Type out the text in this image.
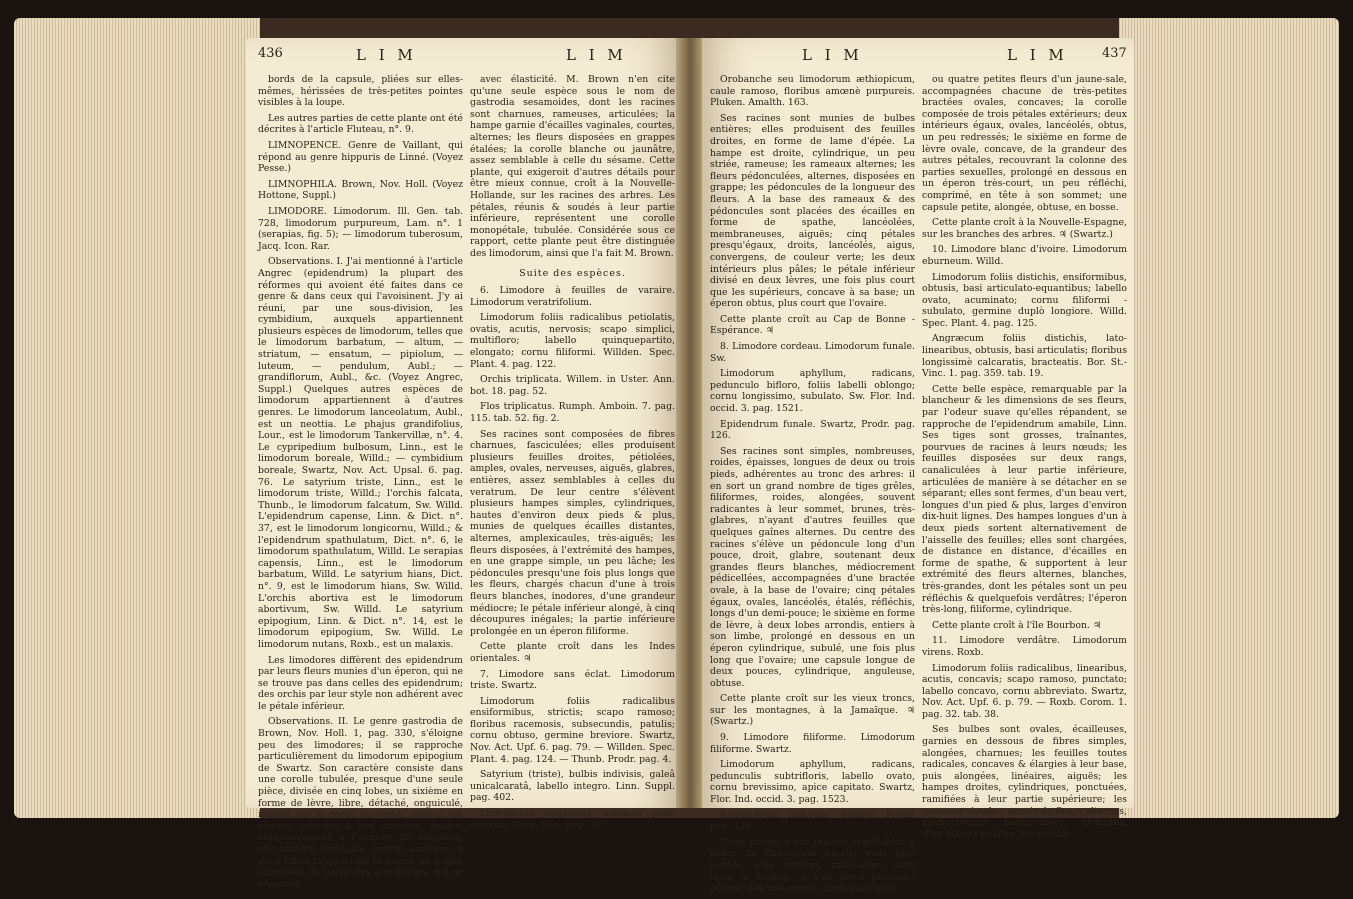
436	L I M	L I M

bords de la capsule, pliées sur elles-mêmes, hérissées de très-petites pointes visibles à la loupe.

Les autres parties de cette plante ont été décrites à l'article Fluteau, n°. 9.

LIMNOPENCE. Genre de Vaillant, qui répond au genre hippuris de Linné. (Voyez Pesse.)

LIMNOPHILA. Brown, Nov. Holl. (Voyez Hottone, Suppl.)

LIMODORE. Limodorum. Ill. Gen. tab. 728, limodorum purpureum, Lam. n°. 1 (serapias, fig. 5); — limodorum tuberosum, Jacq. Icon. Rar.

Observations. I. J'ai mentionné à l'article Angrec (epidendrum) la plupart des réformes qui avoient été faites dans ce genre & dans ceux qui l'avoisinent. J'y ai réuni, par une sous-division, les cymbidium, auxquels appartiennent plusieurs espèces de limodorum, telles que le limodorum barbatum, — altum, — striatum, — ensatum, — pipiolum, — luteum, — pendulum, Aubl.; — grandiflorum, Aubl., &c. (Voyez Angrec, Suppl.) Quelques autres espèces de limodorum appartiennent à d'autres genres. Le limodorum lanceolatum, Aubl., est un neottia. Le phajus grandifolius, Lour., est le limodorum Tankervillæ, n°. 4. Le cypripedium bulbosum, Linn., est le limodorum boreale, Willd.; — cymbidium boreale, Swartz, Nov. Act. Upsal. 6. pag. 76. Le satyrium triste, Linn., est le limodorum triste, Willd.; l'orchis falcata, Thunb., le limodorum falcatum, Sw. Willd. L'epidendrum capense, Linn. & Dict. n°. 37, est le limodorum longicornu, Willd.; & l'epidendrum spathulatum, Dict. n°. 6, le limodorum spathulatum, Willd. Le serapias capensis, Linn., est le limodorum barbatum, Willd. Le satyrium hians, Dict. n°. 9, est le limodorum hians, Sw. Willd. L'orchis abortiva est le limodorum abortivum, Sw. Willd. Le satyrium epipogium, Linn. & Dict. n°. 14, est le limodorum epipogium, Sw. Willd. Le limodorum nutans, Roxb., est un malaxis.

Les limodores diffèrent des epidendrum par leurs fleurs munies d'un éperon, qui ne se trouve pas dans celles des epidendrum; des orchis par leur style non adhérent avec le pétale inférieur.

Observations. II. Le genre gastrodia de Brown, Nov. Holl. 1, pag. 330, s'éloigne peu des limodores; il se rapproche particulièrement du limodorum epipogium de Swartz. Son caractère consiste dans une corolle tubulée, presque d'une seule pièce, divisée en cinq lobes, un sixième en forme de lèvre, libre, détaché, onguiculé, incliné sur le corps du pistil; celui-ci est alongé, concave à son sommet, épaissi antérieurement à l'endroit du stigmate; une anthère terminale, mobile, caduque, à deux lobes rapprochés; la masse du pollen composée de particules anguleuses, qui se séparent

avec élasticité. M. Brown n'en cite qu'une seule espèce sous le nom de gastrodia sesamoides, dont les racines sont charnues, rameuses, articulées; la hampe garnie d'écailles vaginales, courtes, alternes; les fleurs disposées en grappes étalées; la corolle blanche ou jaunâtre, assez semblable à celle du sésame. Cette plante, qui exigeroit d'autres détails pour être mieux connue, croît à la Nouvelle-Hollande, sur les racines des arbres. Les pétales, réunis & soudés à leur partie inférieure, représentent une corolle monopétale, tubulée. Considérée sous ce rapport, cette plante peut être distinguée des limodorum, ainsi que l'a fait M. Brown.

Suite des espèces.

6. Limodore à feuilles de varaire. Limodorum veratrifolium.

Limodorum foliis radicalibus petiolatis, ovatis, acutis, nervosis; scapo simplici, multifloro; labello quinquepartito, elongato; cornu filiformi. Willden. Spec. Plant. 4. pag. 122.

Orchis triplicata. Willem. in Uster. Ann. bot. 18. pag. 52.

Flos triplicatus. Rumph. Amboin. 7. pag. 115. tab. 52. fig. 2.

Ses racines sont composées de fibres charnues, fasciculées; elles produisent plusieurs feuilles droites, pétiolées, amples, ovales, nerveuses, aiguës, glabres, entières, assez semblables à celles du veratrum. De leur centre s'élèvent plusieurs hampes simples, cylindriques, hautes d'environ deux pieds & plus, munies de quelques écailles distantes, alternes, amplexicaules, très-aiguës; les fleurs disposées, à l'extrémité des hampes, en une grappe simple, un peu lâche; les pédoncules presqu'une fois plus longs que les fleurs, chargés chacun d'une à trois fleurs blanches, inodores, d'une grandeur médiocre; le pétale inférieur alongé, à cinq découpures inégales; la partie inférieure prolongée en un éperon filiforme.

Cette plante croît dans les Indes orientales. ♃

7. Limodore sans éclat. Limodorum triste. Swartz.

Limodorum foliis radicalibus ensiformibus, strictis; scapo ramoso; floribus racemosis, subsecundis, patulis; cornu obtuso, germine breviore. Swartz, Nov. Act. Upf. 6. pag. 79. — Willden. Spec. Plant. 4. pag. 124. — Thunb. Prodr. pag. 4.

Satyrium (triste), bulbis indivisis, galeâ unicalcaratâ, labello integro. Linn. Suppl. pag. 402.

Limodorum (capense), nectario ponè cornuto. Berg. Cap. pag. 347.

L I M	L I M	437

Orobanche seu limodorum æthiopicum, caule ramoso, floribus amœnè purpureis. Pluken. Amalth. 163.

Ses racines sont munies de bulbes entières; elles produisent des feuilles droites, en forme de lame d'épée. La hampe est droite, cylindrique, un peu striée, rameuse; les rameaux alternes; les fleurs pédonculées, alternes, disposées en grappe; les pédoncules de la longueur des fleurs. A la base des rameaux & des pédoncules sont placées des écailles en forme de spathe, lancéolées, membraneuses, aiguës; cinq pétales presqu'égaux, droits, lancéolés, aigus, convergens, de couleur verte; les deux intérieurs plus pâles; le pétale inférieur divisé en deux lèvres, une fois plus court que les supérieurs, concave à sa base; un éperon obtus, plus court que l'ovaire.

Cette plante croît au Cap de Bonne - Espérance. ♃

8. Limodore cordeau. Limodorum funale. Sw.

Limodorum aphyllum, radicans, pedunculo bifloro, foliis labelli oblongo; cornu longissimo, subulato. Sw. Flor. Ind. occid. 3. pag. 1521.

Epidendrum funale. Swartz, Prodr. pag. 126.

Ses racines sont simples, nombreuses, roides, épaisses, longues de deux ou trois pieds, adhérentes au tronc des arbres: il en sort un grand nombre de tiges grêles, filiformes, roides, alongées, souvent radicantes à leur sommet, brunes, très-glabres, n'ayant d'autres feuilles que quelques gaînes alternes. Du centre des racines s'élève un pédoncule long d'un pouce, droit, glabre, soutenant deux grandes fleurs blanches, médiocrement pédicellées, accompagnées d'une bractée ovale, à la base de l'ovaire; cinq pétales égaux, ovales, lancéolés, étalés, réfléchis, longs d'un demi-pouce; le sixième en forme de lèvre, à deux lobes arrondis, entiers à son limbe, prolongé en dessous en un éperon cylindrique, subulé, une fois plus long que l'ovaire; une capsule longue de deux pouces, cylindrique, anguleuse, obtuse.

Cette plante croît sur les vieux troncs, sur les montagnes, à la Jamaïque. ♃ (Swartz.)

9. Limodore filiforme. Limodorum filiforme. Swartz.

Limodorum aphyllum, radicans, pedunculis subtrifloris, labello ovato, cornu brevissimo, apice capitato. Swartz, Flor. Ind. occid. 3. pag. 1523.

Epidendrum filiforme. Swartz, Prodr. pag. 126.

Cette plante a ses racines semblables à celles du limodorum funale, mais plus petites, plus étroites, rampantes, sans tiges ni feuilles: il s'en élève plusieurs pédoncules très-courts, soutenant trois

ou quatre petites fleurs d'un jaune-sale, accompagnées chacune de très-petites bractées ovales, concaves; la corolle composée de trois pétales extérieurs; deux intérieurs égaux, ovales, lancéolés, obtus, un peu redressés; le sixième en forme de lèvre ovale, concave, de la grandeur des autres pétales, recouvrant la colonne des parties sexuelles, prolongé en dessous en un éperon très-court, un peu réfléchi, comprimé, en tête à son sommet; une capsule petite, alongée, obtuse, en bosse.

Cette plante croît à la Nouvelle-Espagne, sur les branches des arbres. ♃ (Swartz.)

10. Limodore blanc d'ivoire. Limodorum eburneum. Willd.

Limodorum foliis distichis, ensiformibus, obtusis, basi articulato-equantibus; labello ovato, acuminato; cornu filiformi - subulato, germine duplò longiore. Willd. Spec. Plant. 4. pag. 125.

Angræcum foliis distichis, lato-linearibus, obtusis, basi articulatis; floribus longissimè calcaratis, bracteatis. Bor. St.-Vinc. 1. pag. 359. tab. 19.

Cette belle espèce, remarquable par la blancheur & les dimensions de ses fleurs, par l'odeur suave qu'elles répandent, se rapproche de l'epidendrum amabile, Linn. Ses tiges sont grosses, traînantes, pourvues de racines à leurs nœuds; les feuilles disposées sur deux rangs, canaliculées à leur partie inférieure, articulées de manière à se détacher en se séparant; elles sont fermes, d'un beau vert, longues d'un pied & plus, larges d'environ dix-huit lignes. Des hampes longues d'un à deux pieds sortent alternativement de l'aisselle des feuilles; elles sont chargées, de distance en distance, d'écailles en forme de spathe, & supportent à leur extrémité des fleurs alternes, blanches, très-grandes, dont les pétales sont un peu réfléchis & quelquefois verdâtres; l'éperon très-long, filiforme, cylindrique.

Cette plante croît à l'île Bourbon. ♃

11. Limodore verdâtre. Limodorum virens. Roxb.

Limodorum foliis radicalibus, linearibus, acutis, concavis; scapo ramoso, punctato; labello concavo, cornu abbreviato. Swartz, Nov. Act. Upf. 6. p. 79. — Roxb. Corom. 1. pag. 32. tab. 38.

Ses bulbes sont ovales, écailleuses, garnies en dessous de fibres simples, alongées, charnues; les feuilles toutes radicales, concaves & élargies à leur base, puis alongées, linéaires, aiguës; les hampes droites, cylindriques, ponctuées, ramifiées à leur partie supérieure; les rameaux simples, garnis de fleurs alternes, médiocrement pédonculées, distantes, d'un blanc-verdâtre; les pétales
